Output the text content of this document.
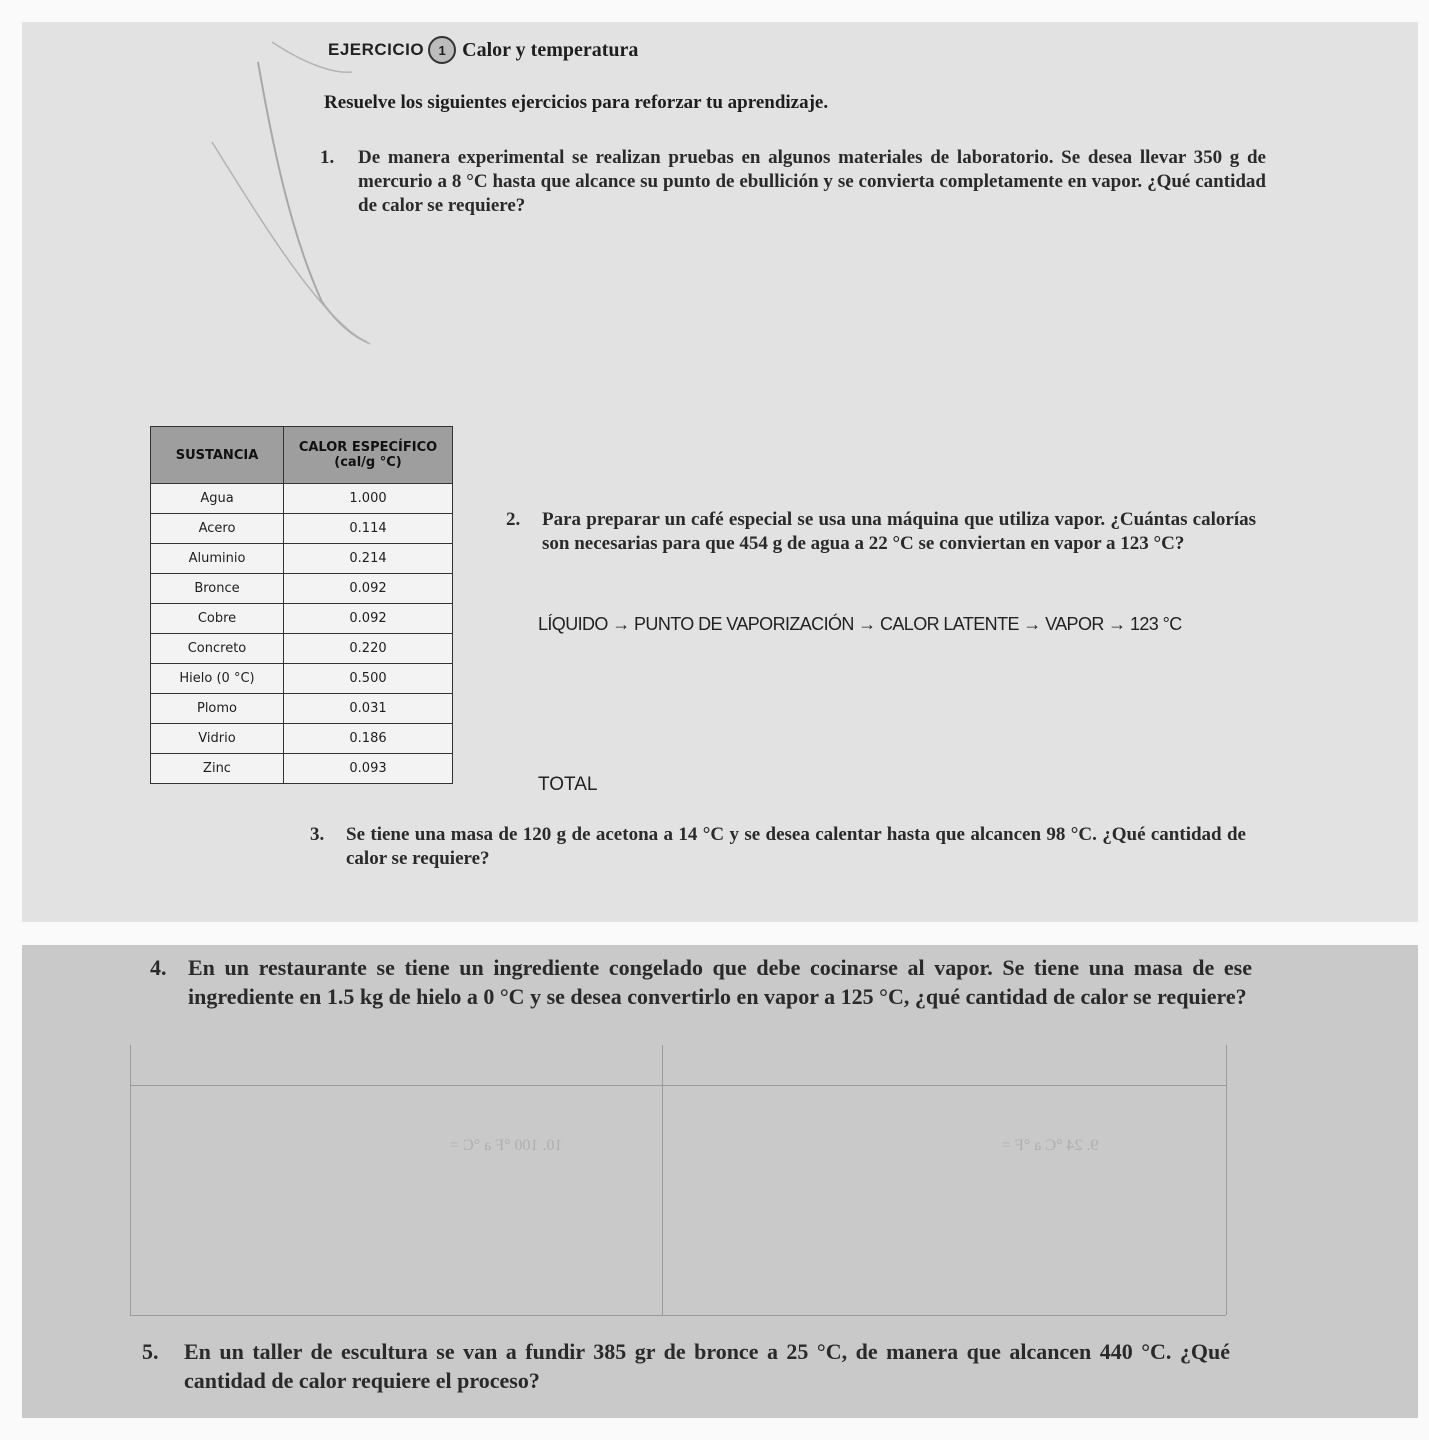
EJERCICIO	1 Calor y temperatura
Resuelve los siguientes ejercicios para reforzar tu aprendizaje.
1. De manera experimental se realizan pruebas en algunos materiales de laboratorio. Se desea llevar 350 g de mercurio a 8 °C hasta que alcance su punto de ebullición y se convierta completamente en vapor. ¿Qué cantidad de calor se requiere?
SUSTANCIA	CALOR ESPECÍFICO (cal/g °C)
Agua	1.000
Acero	0.114
Aluminio	0.214
Bronce	0.092
Cobre	0.092
Concreto	0.220
Hielo (0 °C)	0.500
Plomo	0.031
Vidrio	0.186
Zinc	0.093
2. Para preparar un café especial se usa una máquina que utiliza vapor. ¿Cuántas calorías son necesarias para que 454 g de agua a 22 °C se conviertan en vapor a 123 °C?
LÍQUIDO → PUNTO DE VAPORIZACIÓN → CALOR LATENTE → VAPOR → 123 °C
TOTAL
3. Se tiene una masa de 120 g de acetona a 14 °C y se desea calentar hasta que alcancen 98 °C. ¿Qué cantidad de calor se requiere?
10. 100 °F a °C =	9. 24 °C a °F =
4. En un restaurante se tiene un ingrediente congelado que debe cocinarse al vapor. Se tiene una masa de ese ingrediente en 1.5 kg de hielo a 0 °C y se desea convertirlo en vapor a 125 °C, ¿qué cantidad de calor se requiere?
5. En un taller de escultura se van a fundir 385 gr de bronce a 25 °C, de manera que alcancen 440 °C. ¿Qué cantidad de calor requiere el proceso?
